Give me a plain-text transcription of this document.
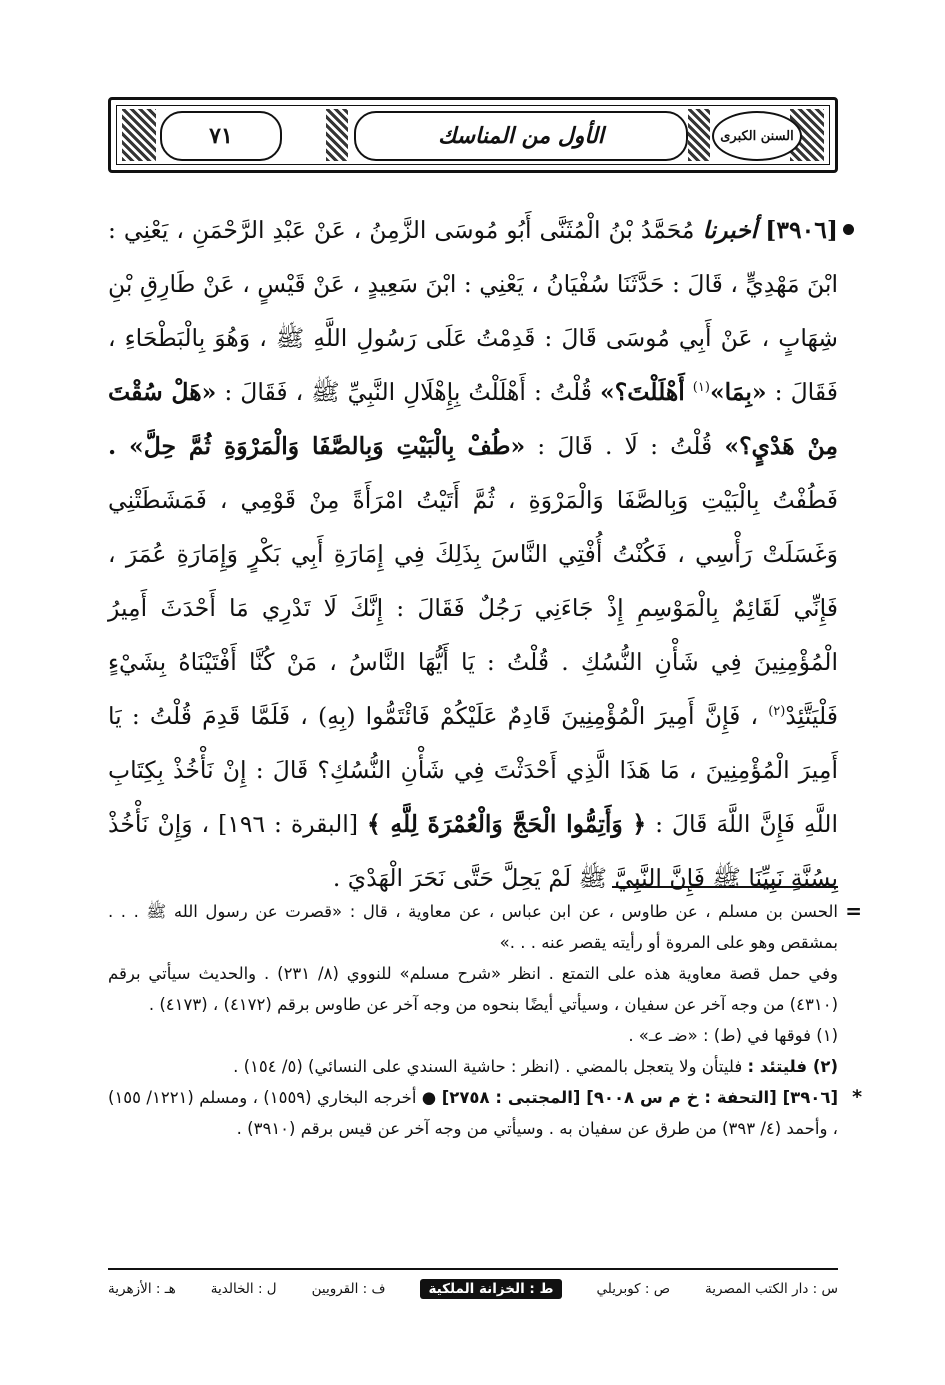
٧١	الأول من المناسك	السنن الكبرى
[٣٩٠٦] أخبرنا مُحَمَّدُ بْنُ الْمُثَنَّى أَبُو مُوسَى الزَّمِنُ ، عَنْ عَبْدِ الرَّحْمَنِ ، يَعْنِي : ابْنَ مَهْدِيٍّ ، قَالَ : حَدَّثَنَا سُفْيَانُ ، يَعْنِي : ابْنَ سَعِيدٍ ، عَنْ قَيْسٍ ، عَنْ طَارِقِ بْنِ شِهَابٍ ، عَنْ أَبِي مُوسَى قَالَ : قَدِمْتُ عَلَى رَسُولِ اللَّهِ ﷺ ، وَهُوَ بِالْبَطْحَاءِ ، فَقَالَ : «بِمَا»$^{(١)}$ أَهْلَلْتَ؟» قُلْتُ : أَهْلَلْتُ بِإِهْلَالِ النَّبِيِّ ﷺ ، فَقَالَ : «هَلْ سُقْتَ مِنْ هَدْيٍ؟» قُلْتُ : لَا . قَالَ : «طُفْ بِالْبَيْتِ وَبِالصَّفَا وَالْمَرْوَةِ ثُمَّ حِلَّ» . فَطُفْتُ بِالْبَيْتِ وَبِالصَّفَا وَالْمَرْوَةِ ، ثُمَّ أَتَيْتُ امْرَأَةً مِنْ قَوْمِي ، فَمَشَطَتْنِي وَغَسَلَتْ رَأْسِي ، فَكُنْتُ أُفْتِي النَّاسَ بِذَلِكَ فِي إِمَارَةِ أَبِي بَكْرٍ وَإِمَارَةِ عُمَرَ ، فَإِنِّي لَقَائِمٌ بِالْمَوْسِمِ إِذْ جَاءَنِي رَجُلٌ فَقَالَ : إِنَّكَ لَا تَدْرِي مَا أَحْدَثَ أَمِيرُ الْمُؤْمِنِينَ فِي شَأْنِ النُّسُكِ . قُلْتُ : يَا أَيُّهَا النَّاسُ ، مَنْ كُنَّا أَفْتَيْنَاهُ بِشَيْءٍ فَلْيَتَّئِدْ$^{(٢)}$ ، فَإِنَّ أَمِيرَ الْمُؤْمِنِينَ قَادِمٌ عَلَيْكُمْ فَائْتَمُّوا (بِهِ) ، فَلَمَّا قَدِمَ قُلْتُ : يَا أَمِيرَ الْمُؤْمِنِينَ ، مَا هَذَا الَّذِي أَحْدَثْتَ فِي شَأْنِ النُّسُكِ؟ قَالَ : إِنْ نَأْخُذْ بِكِتَابِ اللَّهِ فَإِنَّ اللَّهَ قَالَ : ﴿ وَأَتِمُّوا الْحَجَّ وَالْعُمْرَةَ لِلَّهِ ﴾ [البقرة : ١٩٦] ، وَإِنْ نَأْخُذْ بِسُنَّةِ نَبِيِّنَا ﷺ فَإِنَّ النَّبِيَّ ﷺ لَمْ يَحِلَّ حَتَّى نَحَرَ الْهَدْيَ .
=

الحسن بن مسلم ، عن طاوس ، عن ابن عباس ، عن معاوية ، قال : «قصرت عن رسول الله ﷺ . . . بمشقص وهو على المروة أو رأيته يقصر عنه . . .»

وفي حمل قصة معاوية هذه على التمتع . انظر «شرح مسلم» للنووي (٨/ ٢٣١) . والحديث سيأتي برقم (٤٣١٠) من وجه آخر عن سفيان ، وسيأتي أيضًا بنحوه من وجه آخر عن طاوس برقم (٤١٧٢) ، (٤١٧٣) .

(١) فوقها في (ط) : «ضـ عـ» .

(٢) فليتئد : فليتأن ولا يتعجل بالمضي . (انظر : حاشية السندي على النسائي) (٥/ ١٥٤) .

*
[٣٩٠٦] [التحفة : خ م س ٩٠٠٨] [المجتبى : ٢٧٥٨] ● أخرجه البخاري (١٥٥٩) ، ومسلم (١٢٢١/ ١٥٥) ، وأحمد (٤/ ٣٩٣) من طرق عن سفيان به . وسيأتي من وجه آخر عن قيس برقم (٣٩١٠) .

س : دار الكتب المصرية
ص : كوبريلي
ط : الخزانة الملكية
ف : القرويين
ل : الخالدية
هـ : الأزهرية
